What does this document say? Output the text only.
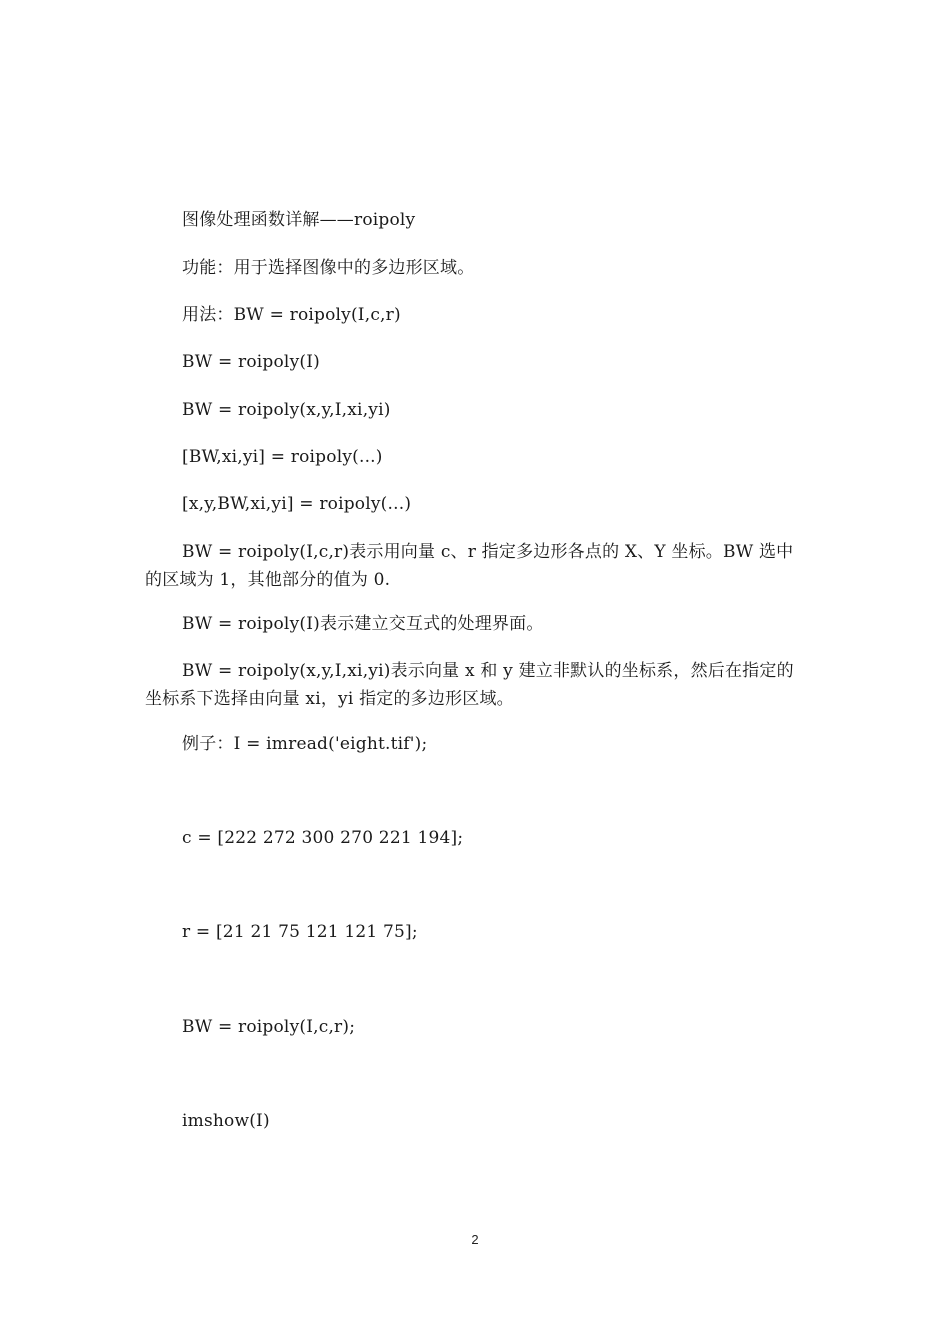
图像处理函数详解——roipoly
功能：用于选择图像中的多边形区域。
用法：BW = roipoly(I,c,r)
BW = roipoly(I)
BW = roipoly(x,y,I,xi,yi)
[BW,xi,yi] = roipoly(...)
[x,y,BW,xi,yi] = roipoly(...)
BW = roipoly(I,c,r)表示用向量 c、r 指定多边形各点的 X、Y 坐标。BW 选中的区域为 1，其他部分的值为 0.
BW = roipoly(I)表示建立交互式的处理界面。
BW = roipoly(x,y,I,xi,yi)表示向量 x 和 y 建立非默认的坐标系，然后在指定的坐标系下选择由向量 xi，yi 指定的多边形区域。
例子：I = imread('eight.tif');
c = [222 272 300 270 221 194];
r = [21 21 75 121 121 75];
BW = roipoly(I,c,r);
imshow(I)
2
